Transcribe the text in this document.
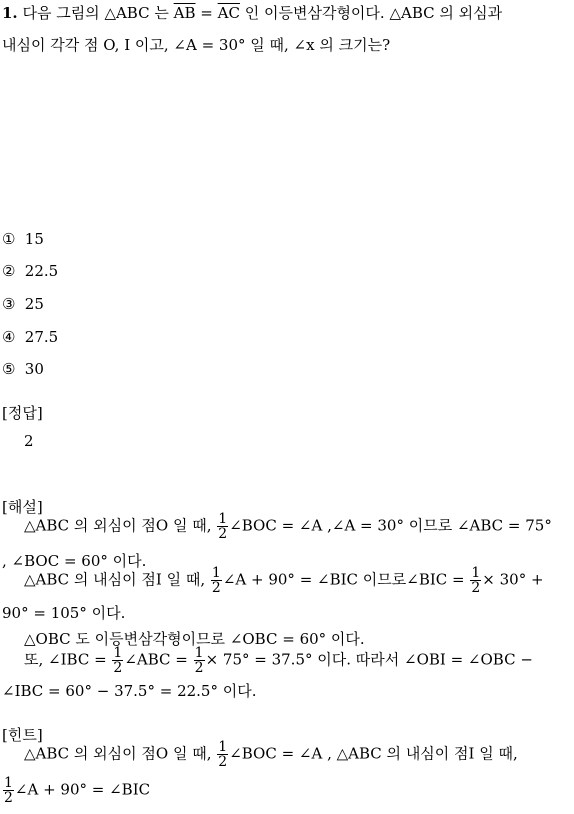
1. 다음 그림의 △ABC 는 $\overline{AB} = \overline{AC}$ 인 이등변삼각형이다. △ABC 의 외심과
내심이 각각 점 O, I 이고, ∠A = 30° 일 때, ∠x 의 크기는?
① 15
② 22.5
③ 25
④ 27.5
⑤ 30
[정답]
2
[해설]
△ABC 의 외심이 점O 일 때, $\frac{1}{2}$ ∠BOC = ∠A ,∠A = 30° 이므로 ∠ABC = 75°
, ∠BOC = 60° 이다.
△ABC 의 내심이 점I 일 때, $\frac{1}{2}$ ∠A + 90° = ∠BIC 이므로∠BIC = $\frac{1}{2} \times 30^\circ$ +
90° = 105° 이다.
△OBC 도 이등변삼각형이므로 ∠OBC = 60° 이다.
또, ∠IBC = $\frac{1}{2}$ ∠ABC = $\frac{1}{2} \times 75^\circ = 37.5^\circ$ 이다. 따라서 ∠OBI = ∠OBC −
∠IBC = 60° − 37.5° = 22.5° 이다.
[힌트]
△ABC 의 외심이 점O 일 때, $\frac{1}{2}$ ∠BOC = ∠A , △ABC 의 내심이 점I 일 때,
$\frac{1}{2}$ ∠A + 90° = ∠BIC
